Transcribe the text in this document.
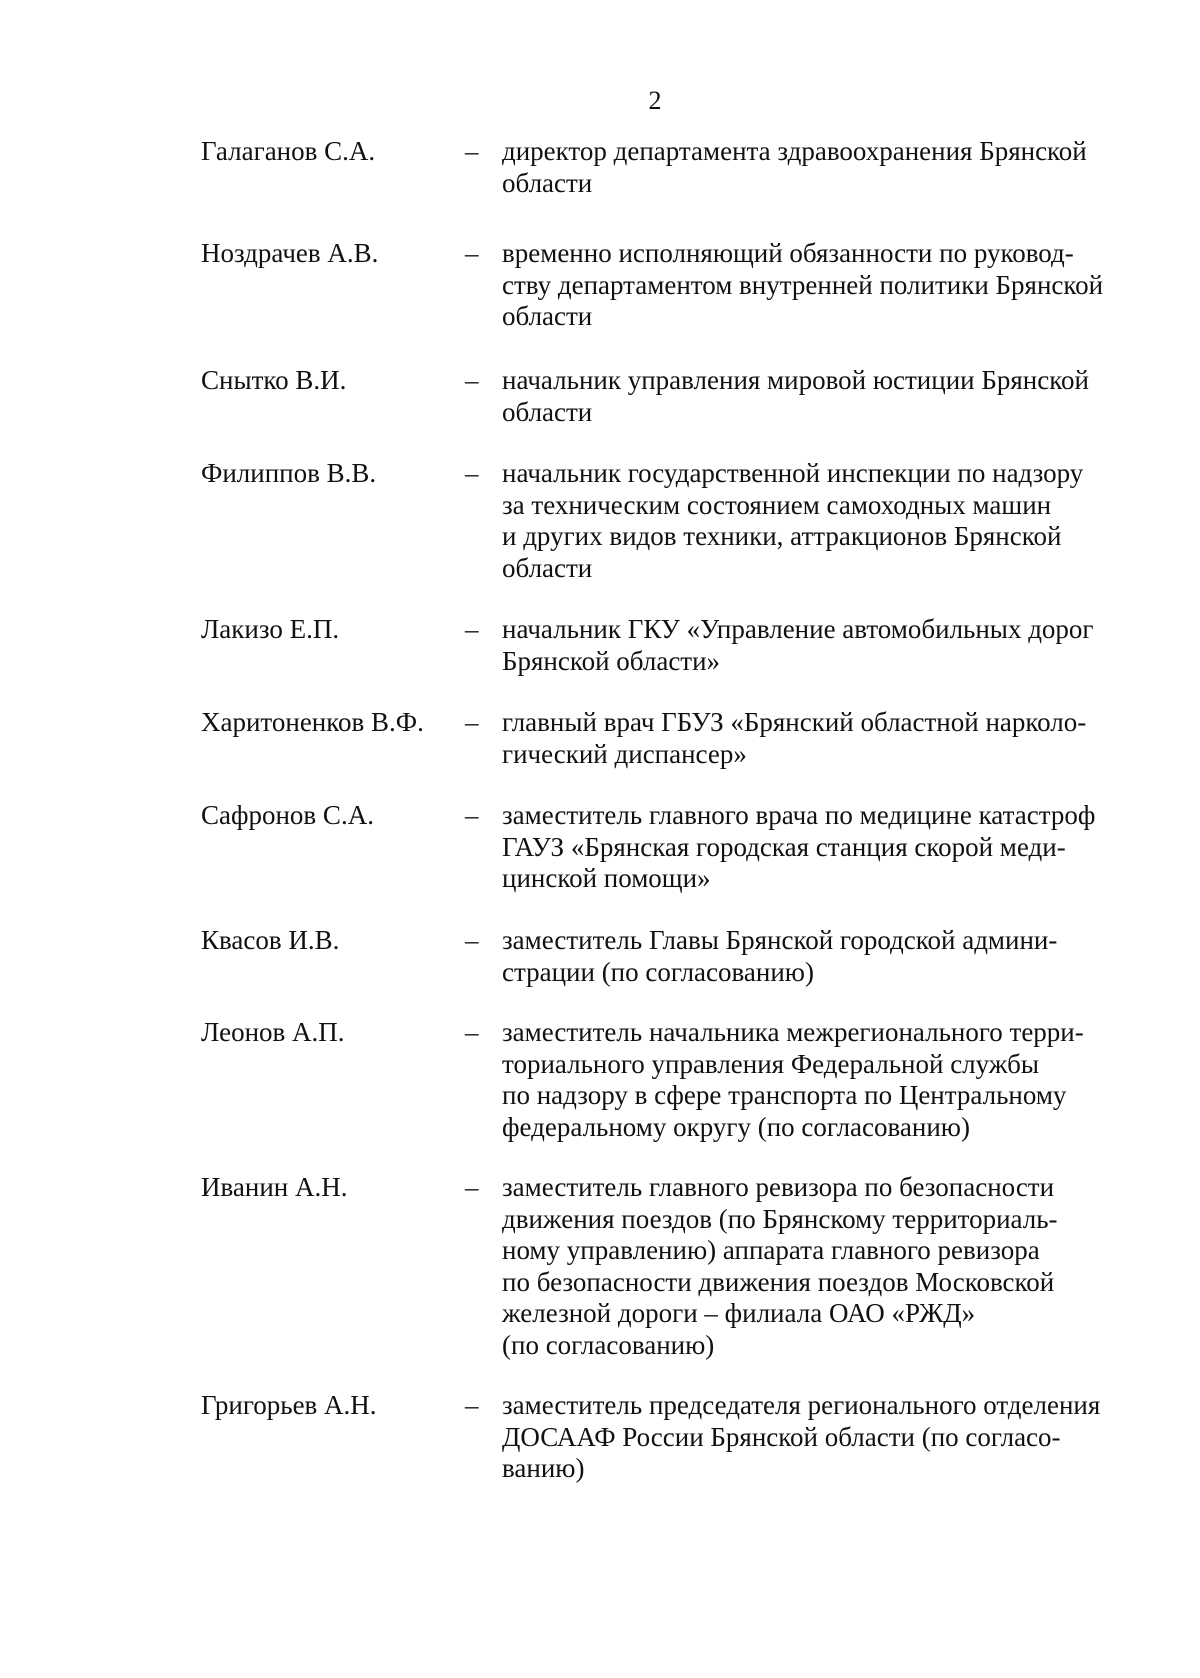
2
Галаганов С.А.	– директор департамента здравоохранения Брянской
области
Ноздрачев А.В.	– временно исполняющий обязанности по руковод-
ству департаментом внутренней политики Брянской
области
Снытко В.И.	– начальник управления мировой юстиции Брянской
области
Филиппов В.В.	– начальник государственной инспекции по надзору
за техническим состоянием самоходных машин
и других видов техники, аттракционов Брянской
области
Лакизо Е.П.	– начальник ГКУ «Управление автомобильных дорог
Брянской области»
Харитоненков В.Ф. – главный врач ГБУЗ «Брянский областной нарколо-
гический диспансер»
Сафронов С.А.	– заместитель главного врача по медицине катастроф
ГАУЗ «Брянская городская станция скорой меди-
цинской помощи»
Квасов И.В.	– заместитель Главы Брянской городской админи-
страции (по согласованию)
Леонов А.П.	– заместитель начальника межрегионального терри-
ториального управления Федеральной службы
по надзору в сфере транспорта по Центральному
федеральному округу (по согласованию)
Иванин А.Н.	– заместитель главного ревизора по безопасности
движения поездов (по Брянскому территориаль-
ному управлению) аппарата главного ревизора
по безопасности движения поездов Московской
железной дороги – филиала ОАО «РЖД»
(по согласованию)
Григорьев А.Н.	– заместитель председателя регионального отделения
ДОСААФ России Брянской области (по согласо-
ванию)
